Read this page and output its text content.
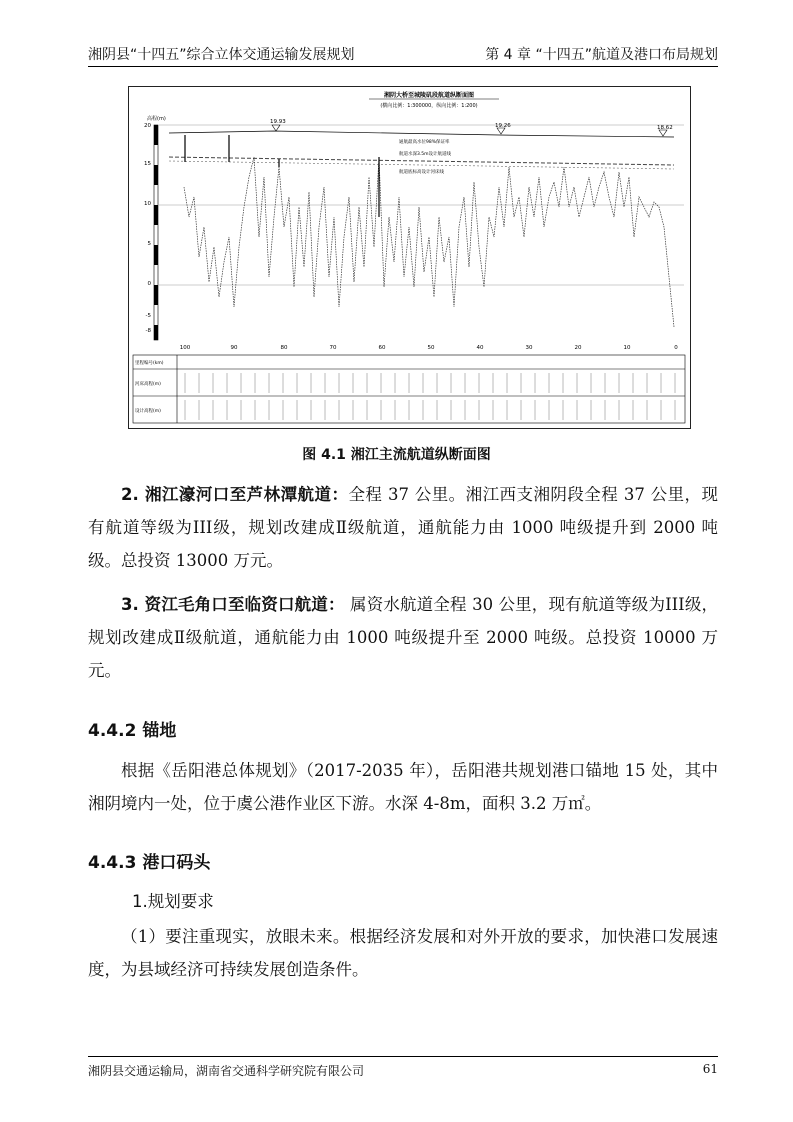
湘阴县“十四五”综合立体交通运输发展规划	第 4 章 “十四五”航道及港口布局规划
湘阴大桥至城陵矶段航道纵断面图
(横向比例：1:300000，纵向比例：1:200)
高程(m)
20
15
10
5
0
-5
-8
19.93
19.26	18.62
通航最高水位98%保证率
航道水深3.5m设计航道线
航道底标高设计河床线
100	90	80	70	60	50	40	30	20	10	0
里程编号(km)
河床高程(m)
设计高程(m)
图 4.1 湘江主流航道纵断面图
2. 湘江濠河口至芦林潭航道：全程 37 公里。湘江西支湘阴段全程 37 公里，现有航道等级为III级，规划改建成Ⅱ级航道，通航能力由 1000 吨级提升到 2000 吨级。总投资 13000 万元。
3. 资江毛角口至临资口航道： 属资水航道全程 30 公里，现有航道等级为III级，规划改建成Ⅱ级航道，通航能力由 1000 吨级提升至 2000 吨级。总投资 10000 万元。
4.4.2 锚地
根据《岳阳港总体规划》（2017-2035 年），岳阳港共规划港口锚地 15 处，其中湘阴境内一处，位于虞公港作业区下游。水深 4-8m，面积 3.2 万㎡。
4.4.3 港口码头
1.规划要求
（1）要注重现实，放眼未来。根据经济发展和对外开放的要求，加快港口发展速度，为县域经济可持续发展创造条件。
湘阴县交通运输局，湖南省交通科学研究院有限公司	61
